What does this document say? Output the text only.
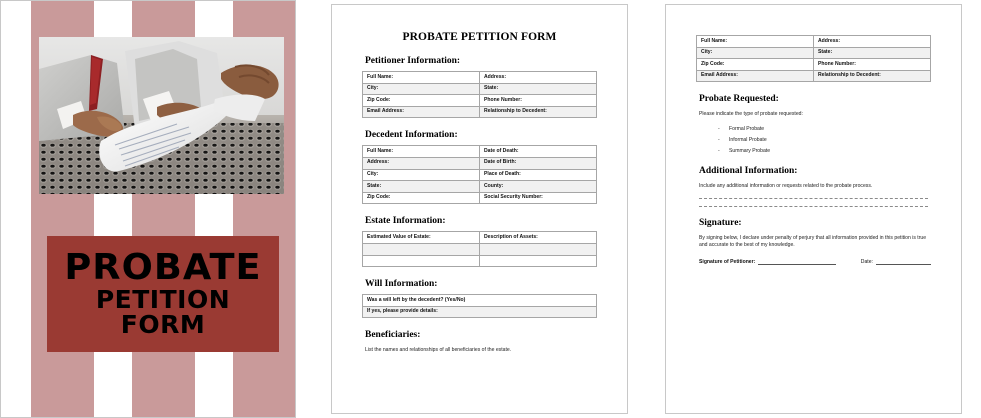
PROBATE
PETITION FORM
PROBATE PETITION FORM
Petitioner Information:
Full Name:	Address:
City:	State:
Zip Code:	Phone Number:
Email Address:	Relationship to Decedent:
Decedent Information:
Full Name:	Date of Death:
Address:	Date of Birth:
City:	Place of Death:
State:	County:
Zip Code:	Social Security Number:
Estate Information:
Estimated Value of Estate:	Description of Assets:

Will Information:
Was a will left by the decedent? (Yes/No)
If yes, please provide details:
Beneficiaries:
List the names and relationships of all beneficiaries of the estate.
Full Name:	Address:
City:	State:
Zip Code:	Phone Number:
Email Address:	Relationship to Decedent:
Probate Requested:
Please indicate the type of probate requested:
- Formal Probate
- Informal Probate
- Summary Probate
Additional Information:
Include any additional information or requests related to the probate process.
Signature:
By signing below, I declare under penalty of perjury that all information provided in this petition is true and accurate to the best of my knowledge.
Signature of Petitioner:	Date:
